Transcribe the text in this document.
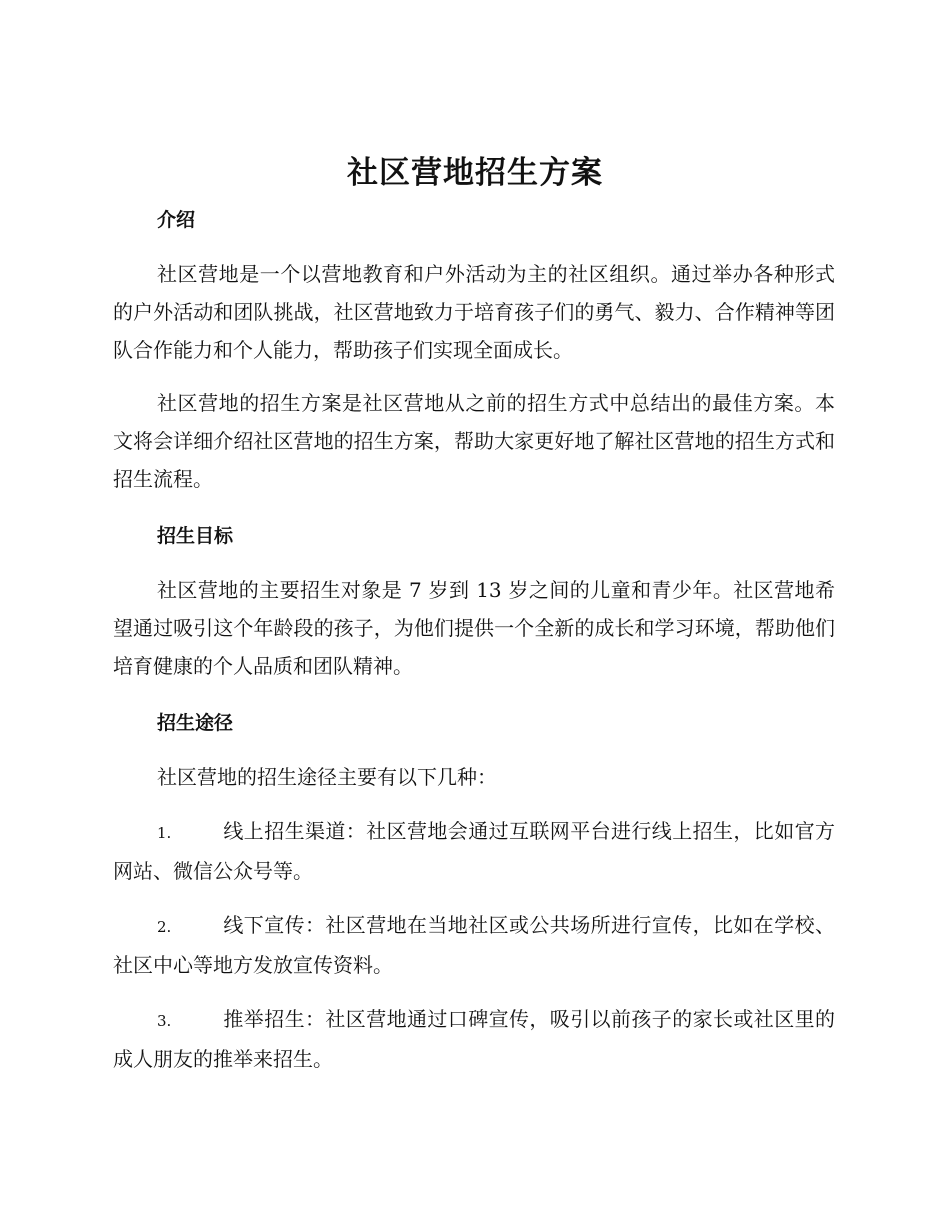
社区营地招生方案
介绍

社区营地是一个以营地教育和户外活动为主的社区组织。通过举办各种形式的户外活动和团队挑战，社区营地致力于培育孩子们的勇气、毅力、合作精神等团队合作能力和个人能力，帮助孩子们实现全面成长。

社区营地的招生方案是社区营地从之前的招生方式中总结出的最佳方案。本文将会详细介绍社区营地的招生方案，帮助大家更好地了解社区营地的招生方式和招生流程。

招生目标

社区营地的主要招生对象是 7 岁到 13 岁之间的儿童和青少年。社区营地希望通过吸引这个年龄段的孩子，为他们提供一个全新的成长和学习环境，帮助他们培育健康的个人品质和团队精神。

招生途径

社区营地的招生途径主要有以下几种：

1.	线上招生渠道：社区营地会通过互联网平台进行线上招生，比如官方网站、微信公众号等。

2.	线下宣传：社区营地在当地社区或公共场所进行宣传，比如在学校、社区中心等地方发放宣传资料。

3.	推举招生：社区营地通过口碑宣传，吸引以前孩子的家长或社区里的成人朋友的推举来招生。
